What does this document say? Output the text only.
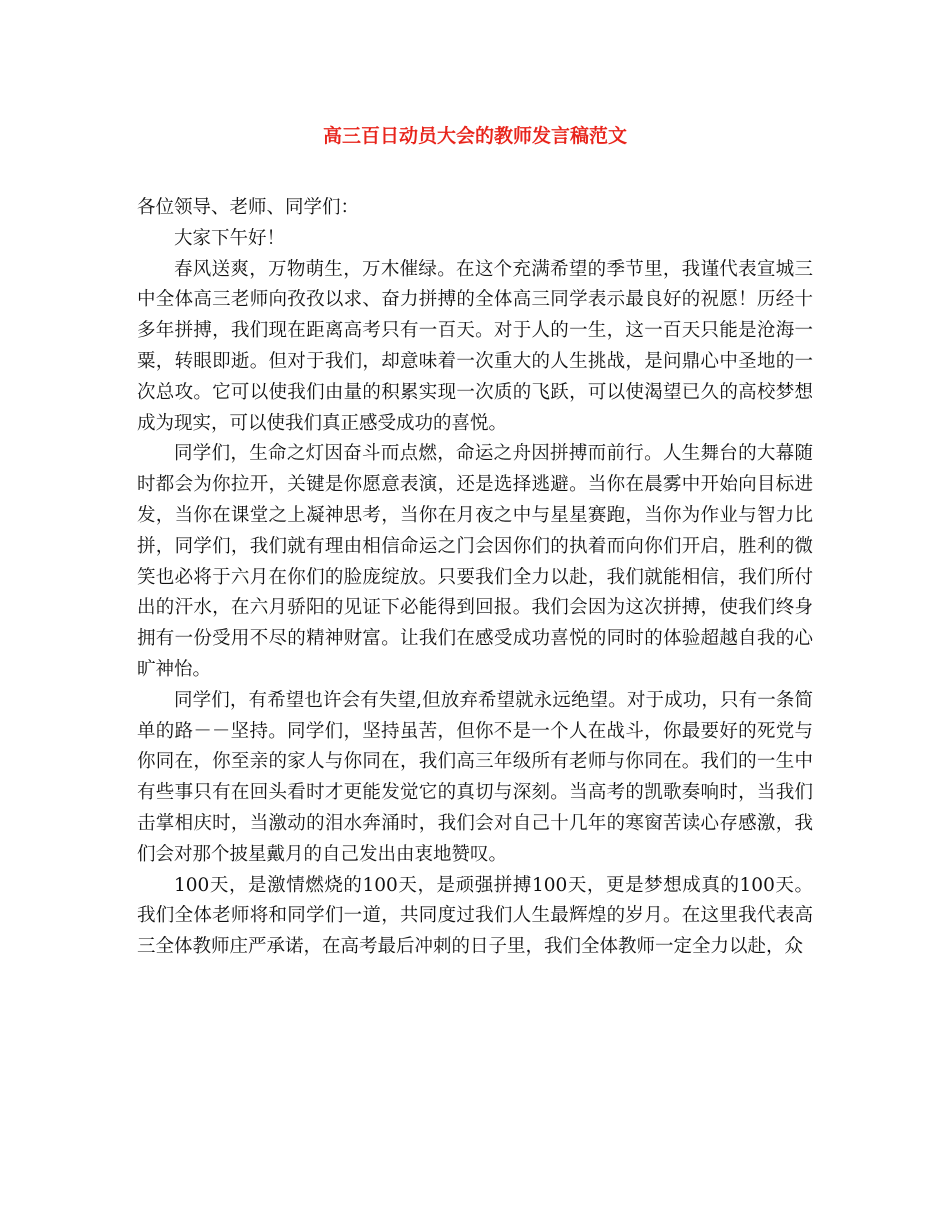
高三百日动员大会的教师发言稿范文

各位领导、老师、同学们：

大家下午好！

春风送爽，万物萌生，万木催绿。在这个充满希望的季节里，我谨代表宣城三中全体高三老师向孜孜以求、奋力拼搏的全体高三同学表示最良好的祝愿！历经十多年拼搏，我们现在距离高考只有一百天。对于人的一生，这一百天只能是沧海一粟，转眼即逝。但对于我们，却意味着一次重大的人生挑战，是问鼎心中圣地的一次总攻。它可以使我们由量的积累实现一次质的飞跃，可以使渴望已久的高校梦想成为现实，可以使我们真正感受成功的喜悦。

同学们，生命之灯因奋斗而点燃，命运之舟因拼搏而前行。人生舞台的大幕随时都会为你拉开，关键是你愿意表演，还是选择逃避。当你在晨雾中开始向目标进发，当你在课堂之上凝神思考，当你在月夜之中与星星赛跑，当你为作业与智力比拼，同学们，我们就有理由相信命运之门会因你们的执着而向你们开启，胜利的微笑也必将于六月在你们的脸庞绽放。只要我们全力以赴，我们就能相信，我们所付出的汗水，在六月骄阳的见证下必能得到回报。我们会因为这次拼搏，使我们终身拥有一份受用不尽的精神财富。让我们在感受成功喜悦的同时的体验超越自我的心旷神怡。

同学们，有希望也许会有失望,但放弃希望就永远绝望。对于成功，只有一条简单的路－－坚持。同学们，坚持虽苦，但你不是一个人在战斗，你最要好的死党与你同在，你至亲的家人与你同在，我们高三年级所有老师与你同在。我们的一生中有些事只有在回头看时才更能发觉它的真切与深刻。当高考的凯歌奏响时，当我们击掌相庆时，当激动的泪水奔涌时，我们会对自己十几年的寒窗苦读心存感激，我们会对那个披星戴月的自己发出由衷地赞叹。

100天，是激情燃烧的100天，是顽强拼搏100天，更是梦想成真的100天。我们全体老师将和同学们一道，共同度过我们人生最辉煌的岁月。在这里我代表高三全体教师庄严承诺，在高考最后冲刺的日子里，我们全体教师一定全力以赴，众
